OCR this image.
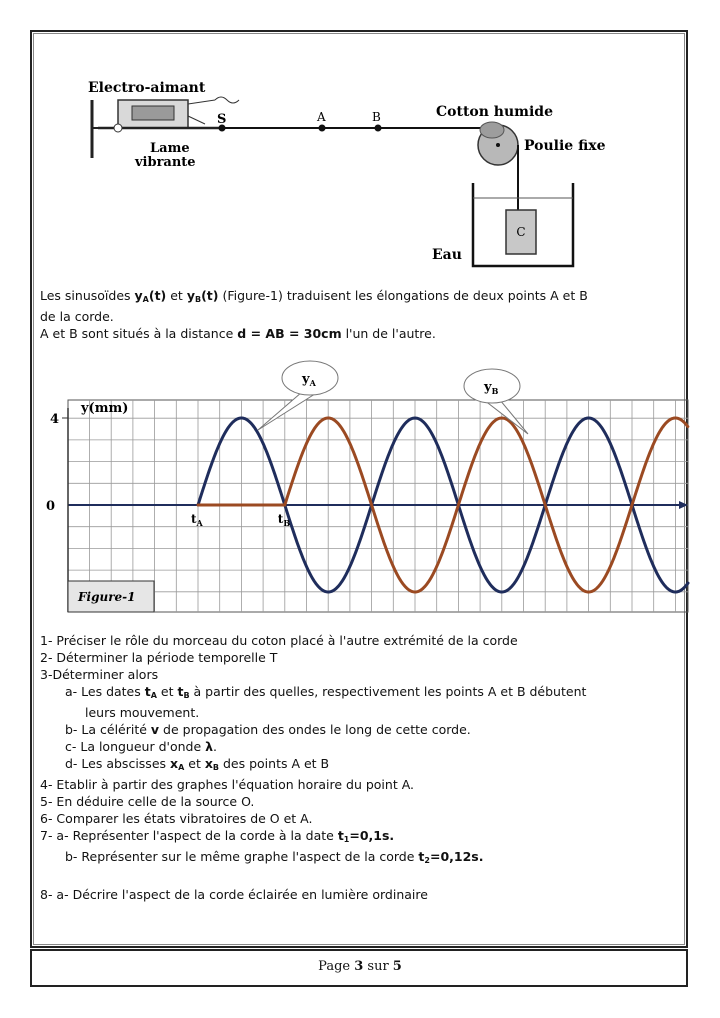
C
Electro-aimant
Lame
vibrante
S	A	B	Cotton humide
Poulie fixe
Eau

Les sinusoïdes $y_A(t)$ et $y_B(t)$ (Figure-1) traduisent les élongations de deux points A et B

de la corde.

A et B sont situés à la distance d = AB = 30cm l'un de l'autre.

4
0
y(mm)
$t_A$	$t_B$
$y_A$	$y_B$
Figure-1
1- Préciser le rôle du morceau du coton placé à l'autre extrémité de la corde
2- Déterminer la période temporelle T
3-Déterminer alors
a- Les dates $t_A$ et $t_B$ à partir des quelles, respectivement les points A et B débutent
leurs mouvement.
b- La célérité v de propagation des ondes le long de cette corde.
c- La longueur d'onde λ.
d- Les abscisses $x_A$ et $x_B$ des points A et B
4- Etablir à partir des graphes l'équation horaire du point A.
5- En déduire celle de la source O.
6- Comparer les états vibratoires de O et A.
7- a- Représenter l'aspect de la corde à la date $t_1=0,1s$.
b- Représenter sur le même graphe l'aspect de la corde $t_2=0,12s$.
8- a- Décrire l'aspect de la corde éclairée en lumière ordinaire
Page 3 sur 5
